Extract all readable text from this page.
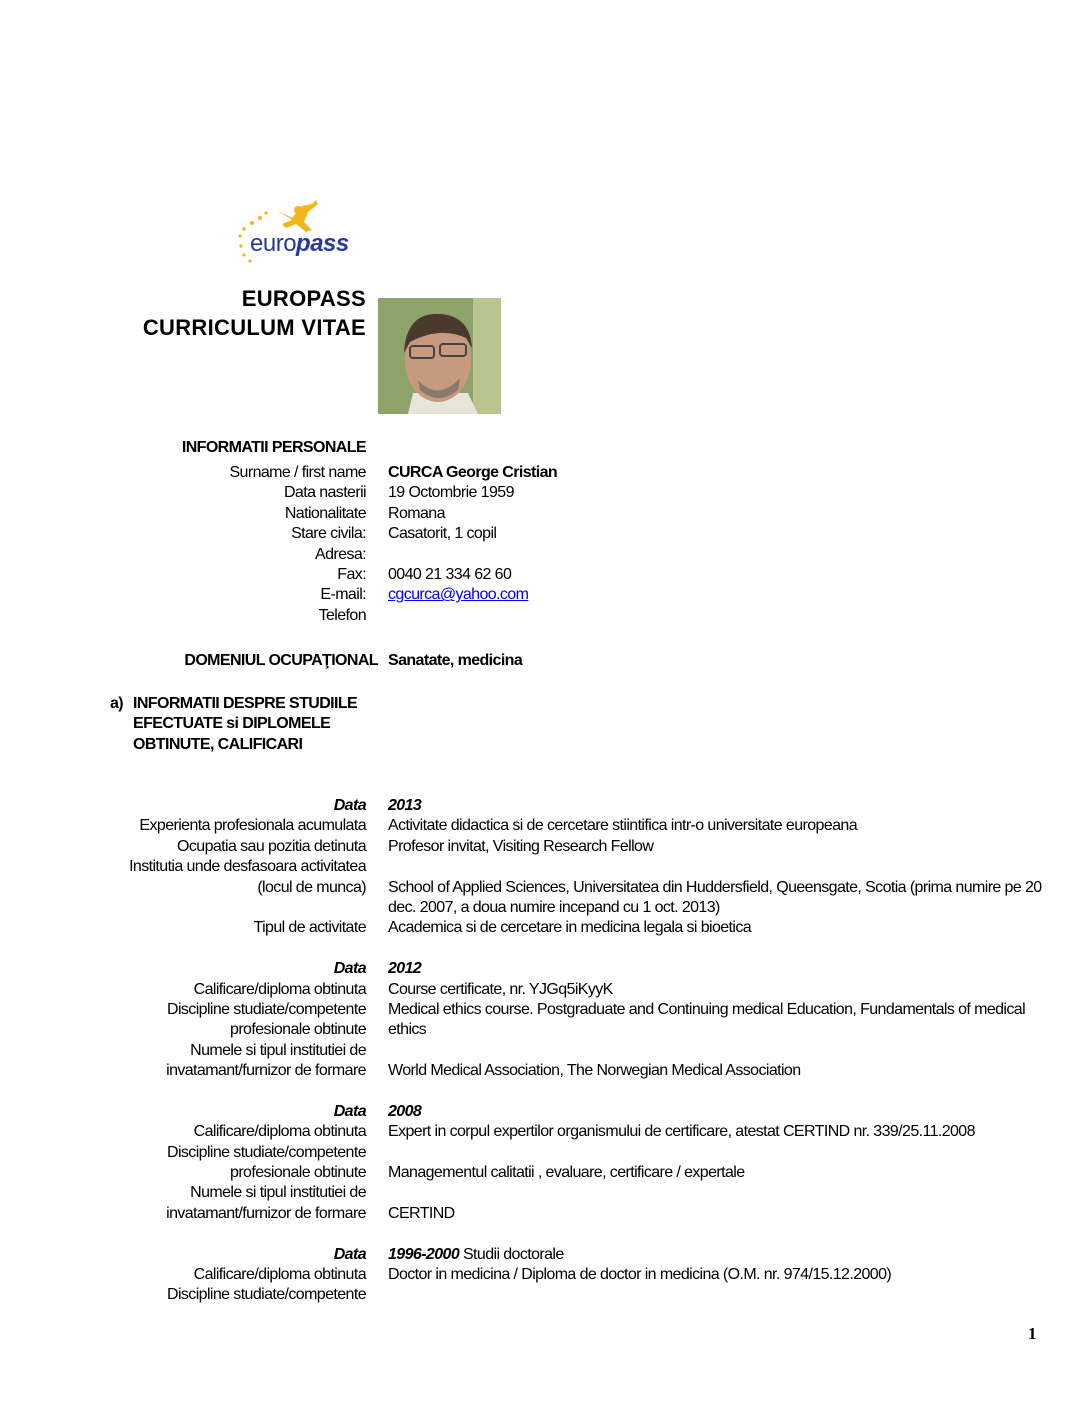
europass
EUROPASS
CURRICULUM VITAE
INFORMATII PERSONALE
Surname / first name CURCA George Cristian
Data nasterii 19 Octombrie 1959
Nationalitate Romana
Stare civila: Casatorit, 1 copil
Adresa:
Fax: 0040 21 334 62 60
E-mail: cgcurca@yahoo.com
Telefon
DOMENIUL OCUPAŢIONAL Sanatate, medicina
a) INFORMATII DESPRE STUDIILE
EFECTUATE si DIPLOMELE
OBTINUTE, CALIFICARI
Data 2013
Experienta profesionala acumulata Activitate didactica si de cercetare stiintifica intr-o universitate europeana
Ocupatia sau pozitia detinuta Profesor invitat, Visiting Research Fellow
Institutia unde desfasoara activitatea
(locul de munca) School of Applied Sciences, Universitatea din Huddersfield, Queensgate, Scotia (prima numire pe 20
dec. 2007, a doua numire incepand cu 1 oct. 2013)
Tipul de activitate Academica si de cercetare in medicina legala si bioetica
Data 2012
Calificare/diploma obtinuta Course certificate, nr. YJGq5iKyyK
Discipline studiate/competente Medical ethics course. Postgraduate and Continuing medical Education, Fundamentals of medical
profesionale obtinute ethics
Numele si tipul institutiei de
invatamant/furnizor de formare World Medical Association, The Norwegian Medical Association
Data 2008
Calificare/diploma obtinuta Expert in corpul expertilor organismului de certificare, atestat CERTIND nr. 339/25.11.2008
Discipline studiate/competente
profesionale obtinute Managementul calitatii , evaluare, certificare / expertale
Numele si tipul institutiei de
invatamant/furnizor de formare CERTIND
Data 1996-2000 Studii doctorale
Calificare/diploma obtinuta Doctor in medicina / Diploma de doctor in medicina (O.M. nr. 974/15.12.2000)
Discipline studiate/competente
1
